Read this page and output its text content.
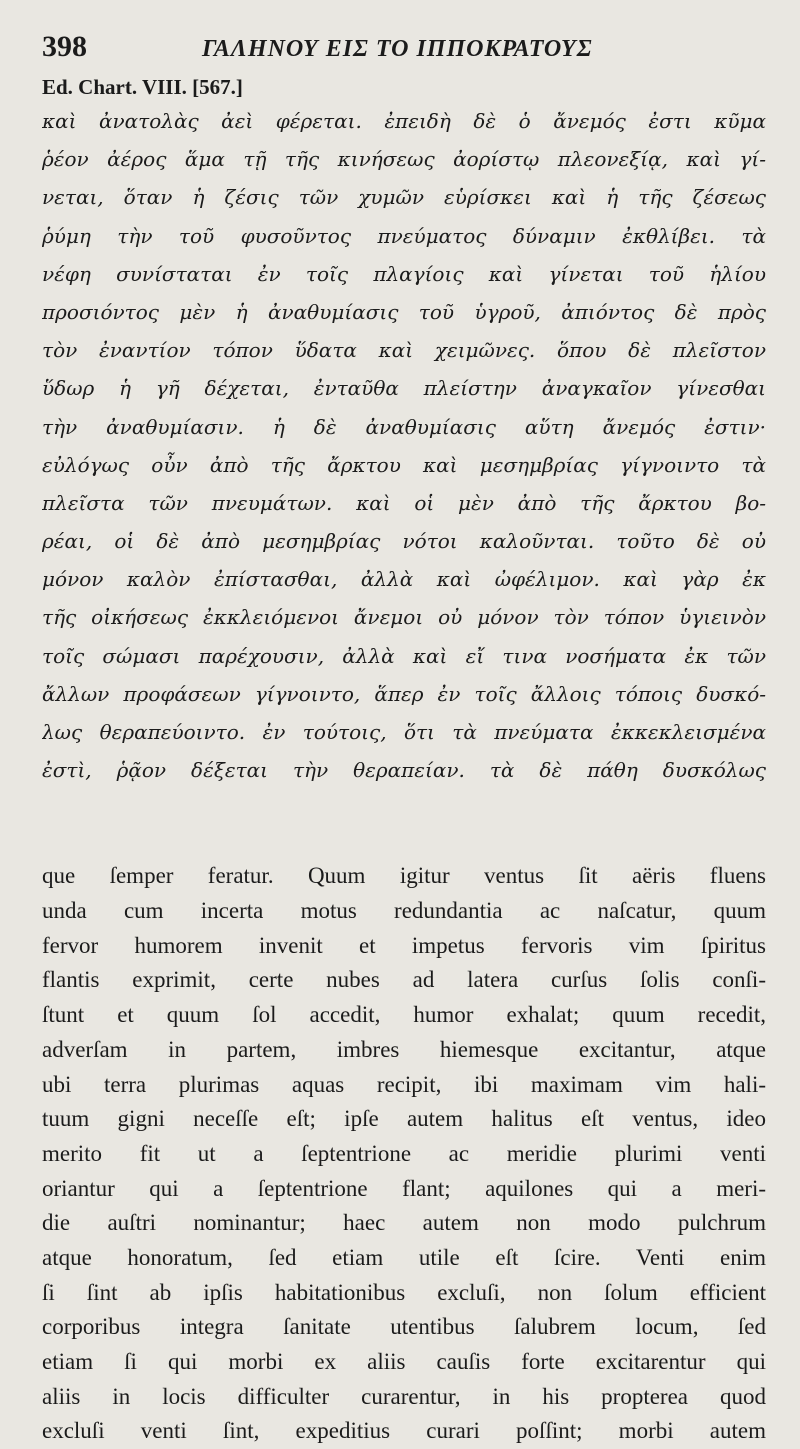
398	ΓΑΛΗΝΟΥ ΕΙΣ ΤΟ ΙΠΠΟΚΡΑΤΟΥΣ
Ed. Chart. VIII. [567.]
καὶ ἀνατολὰς ἀεὶ φέρεται. ἐπειδὴ δὲ ὁ ἄνεμός ἐστι κῦμα
ῥέον ἀέρος ἅμα τῇ τῆς κινήσεως ἀορίστῳ πλεονεξίᾳ, καὶ γί-
νεται, ὅταν ἡ ζέσις τῶν χυμῶν εὑρίσκει καὶ ἡ τῆς ζέσεως
ῥύμη τὴν τοῦ φυσοῦντος πνεύματος δύναμιν ἐκθλίβει. τὰ
νέφη συνίσταται ἐν τοῖς πλαγίοις καὶ γίνεται τοῦ ἡλίου
προσιόντος μὲν ἡ ἀναθυμίασις τοῦ ὑγροῦ, ἀπιόντος δὲ πρὸς
τὸν ἐναντίον τόπον ὕδατα καὶ χειμῶνες. ὅπου δὲ πλεῖστον
ὕδωρ ἡ γῆ δέχεται, ἐνταῦθα πλείστην ἀναγκαῖον γίνεσθαι
τὴν ἀναθυμίασιν. ἡ δὲ ἀναθυμίασις αὕτη ἄνεμός ἐστιν·
εὐλόγως οὖν ἀπὸ τῆς ἄρκτου καὶ μεσημβρίας γίγνοιντο τὰ
πλεῖστα τῶν πνευμάτων. καὶ οἱ μὲν ἀπὸ τῆς ἄρκτου βο-
ρέαι, οἱ δὲ ἀπὸ μεσημβρίας νότοι καλοῦνται. τοῦτο δὲ οὐ
μόνον καλὸν ἐπίστασθαι, ἀλλὰ καὶ ὠφέλιμον. καὶ γὰρ ἐκ
τῆς οἰκήσεως ἐκκλειόμενοι ἄνεμοι οὐ μόνον τὸν τόπον ὑγιεινὸν
τοῖς σώμασι παρέχουσιν, ἀλλὰ καὶ εἴ τινα νοσήματα ἐκ τῶν
ἄλλων προφάσεων γίγνοιντο, ἅπερ ἐν τοῖς ἄλλοις τόποις δυσκό-
λως θεραπεύοιντο. ἐν τούτοις, ὅτι τὰ πνεύματα ἐκκεκλεισμένα
ἐστὶ, ῥᾷον δέξεται τὴν θεραπείαν. τὰ δὲ πάθη δυσκόλως
que ſemper feratur. Quum igitur ventus ſit aëris fluens
unda cum incerta motus redundantia ac naſcatur, quum
fervor humorem invenit et impetus fervoris vim ſpiritus
flantis exprimit, certe nubes ad latera curſus ſolis conſi-
ſtunt et quum ſol accedit, humor exhalat; quum recedit,
adverſam in partem, imbres hiemesque excitantur, atque
ubi terra plurimas aquas recipit, ibi maximam vim hali-
tuum gigni neceſſe eſt; ipſe autem halitus eſt ventus, ideo
merito fit ut a ſeptentrione ac meridie plurimi venti
oriantur qui a ſeptentrione flant; aquilones qui a meri-
die auſtri nominantur; haec autem non modo pulchrum
atque honoratum, ſed etiam utile eſt ſcire. Venti enim
ſi ſint ab ipſis habitationibus excluſi, non ſolum efficient
corporibus integra ſanitate utentibus ſalubrem locum, ſed
etiam ſi qui morbi ex aliis cauſis forte excitarentur qui
aliis in locis difficulter curarentur, in his propterea quod
excluſi venti ſint, expeditius curari poſſint; morbi autem
